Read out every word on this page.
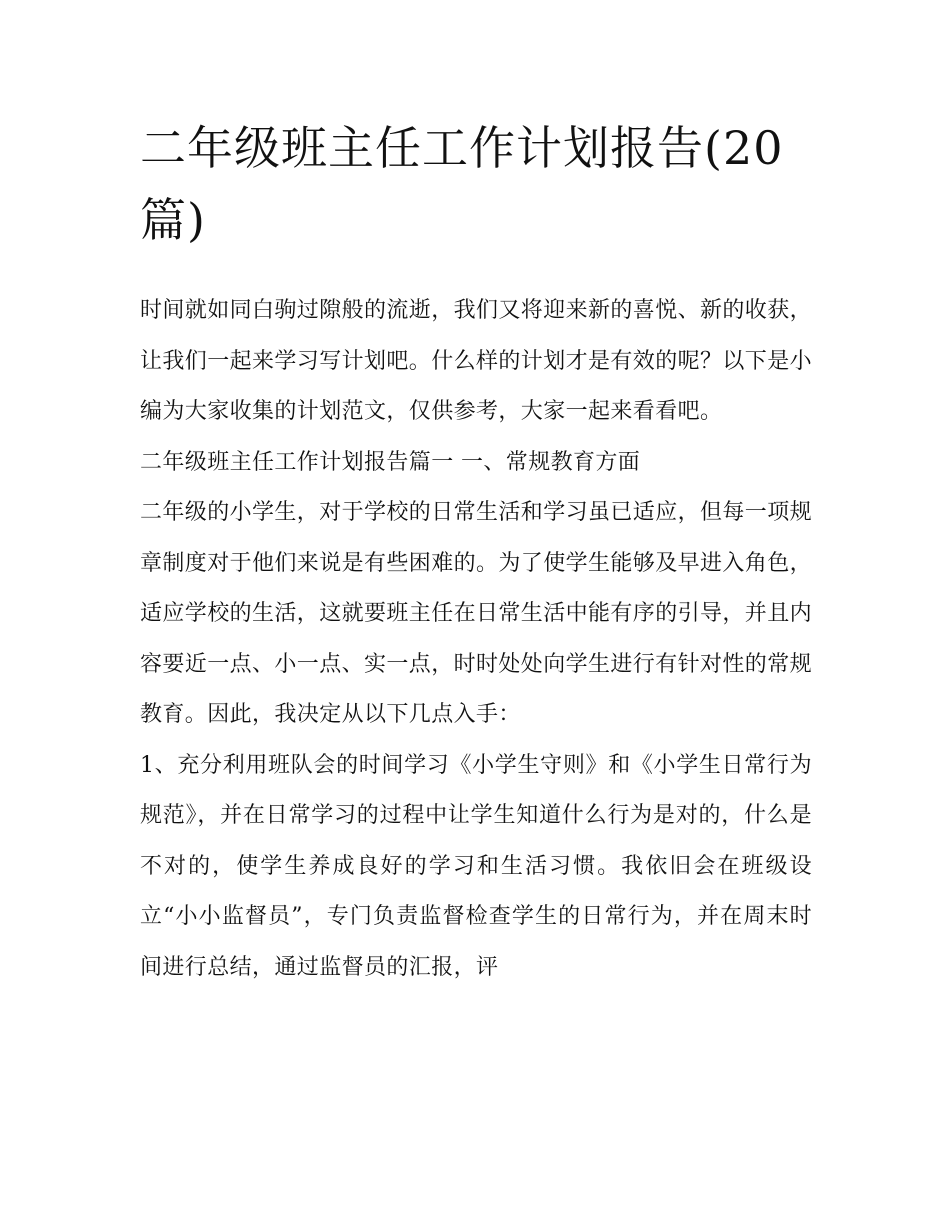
二年级班主任工作计划报告(20篇)

时间就如同白驹过隙般的流逝，我们又将迎来新的喜悦、新的收获，让我们一起来学习写计划吧。什么样的计划才是有效的呢？以下是小编为大家收集的计划范文，仅供参考，大家一起来看看吧。

二年级班主任工作计划报告篇一 一、常规教育方面

二年级的小学生，对于学校的日常生活和学习虽已适应，但每一项规章制度对于他们来说是有些困难的。为了使学生能够及早进入角色，适应学校的生活，这就要班主任在日常生活中能有序的引导，并且内容要近一点、小一点、实一点，时时处处向学生进行有针对性的常规教育。因此，我决定从以下几点入手：

1、充分利用班队会的时间学习《小学生守则》和《小学生日常行为规范》，并在日常学习的过程中让学生知道什么行为是对的，什么是不对的，使学生养成良好的学习和生活习惯。我依旧会在班级设立“小小监督员”，专门负责监督检查学生的日常行为，并在周末时间进行总结，通过监督员的汇报，评
